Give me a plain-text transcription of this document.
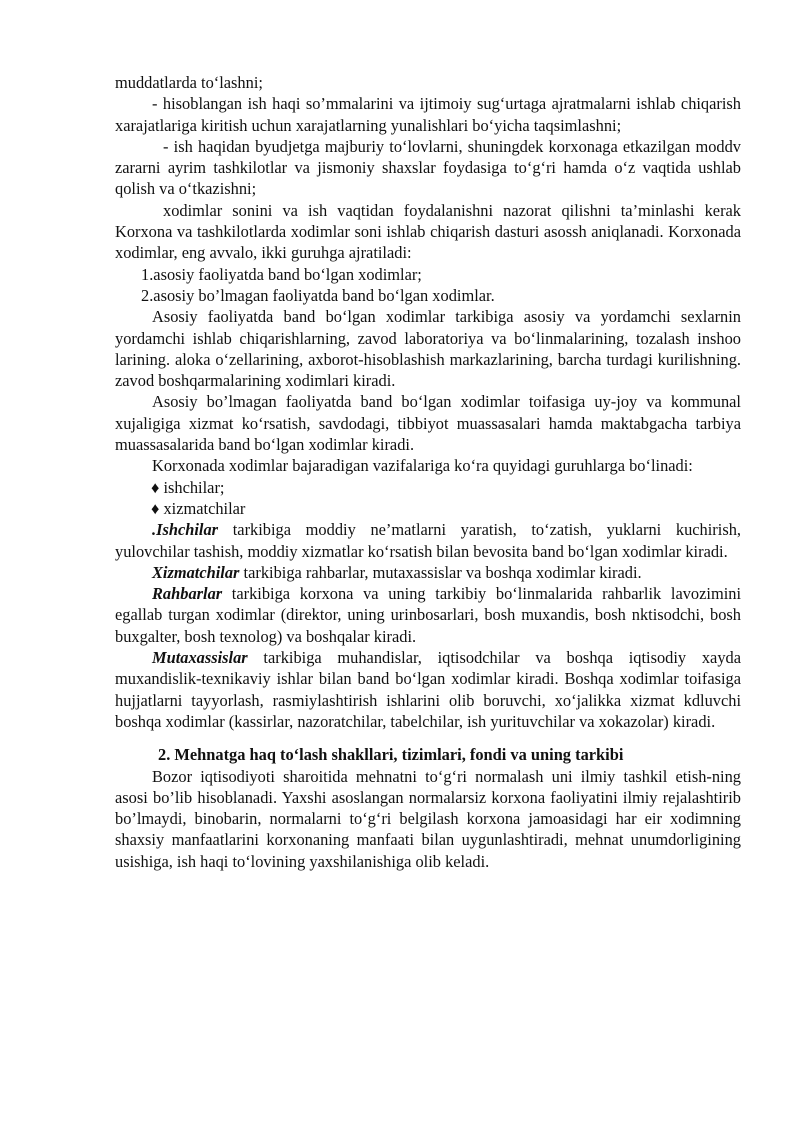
muddatlarda to‘lashni;

- hisoblangan ish haqi so’mmalarini va ijtimoiy sug‘urtaga ajratmalarni ishlab chiqarish xarajatlariga kiritish uchun xarajatlarning yunalishlari bo‘yicha taqsimlashni;

- ish haqidan byudjetga majburiy to‘lovlarni, shuningdek korxonaga etkazilgan moddv zararni ayrim tashkilotlar va jismoniy shaxslar foydasiga to‘g‘ri hamda o‘z vaqtida ushlab qolish va o‘tkazishni;

xodimlar sonini va ish vaqtidan foydalanishni nazorat qilishni ta’minlashi kerak Korxona va tashkilotlarda xodimlar soni ishlab chiqarish dasturi asossh aniqlanadi. Korxonada xodimlar, eng avvalo, ikki guruhga ajratiladi:

1.asosiy faoliyatda band bo‘lgan xodimlar;

2.asosiy bo’lmagan faoliyatda band bo‘lgan xodimlar.

Asosiy faoliyatda band bo‘lgan xodimlar tarkibiga asosiy va yordamchi sexlarnin yordamchi ishlab chiqarishlarning, zavod laboratoriya va bo‘linmalarining, tozalash inshoo larining. aloka o‘zellarining, axborot-hisoblashish markazlarining, barcha turdagi kurilishning. zavod boshqarmalarining xodimlari kiradi.

Asosiy bo’lmagan faoliyatda band bo‘lgan xodimlar toifasiga uy-joy va kommunal xujaligiga xizmat ko‘rsatish, savdodagi, tibbiyot muassasalari hamda maktabgacha tarbiya muassasalarida band bo‘lgan xodimlar kiradi.

Korxonada xodimlar bajaradigan vazifalariga ko‘ra quyidagi guruhlarga bo‘linadi:

♦ ishchilar;

♦ xizmatchilar

.Ishchilar tarkibiga moddiy ne’matlarni yaratish, to‘zatish, yuklarni kuchirish, yulovchilar tashish, moddiy xizmatlar ko‘rsatish bilan bevosita band bo‘lgan xodimlar kiradi.

Xizmatchilar tarkibiga rahbarlar, mutaxassislar va boshqa xodimlar kiradi.

Rahbarlar tarkibiga korxona va uning tarkibiy bo‘linmalarida rahbarlik lavozimini egallab turgan xodimlar (direktor, uning urinbosarlari, bosh muxandis, bosh nktisodchi, bosh buxgalter, bosh texnolog) va boshqalar kiradi.

Mutaxassislar tarkibiga muhandislar, iqtisodchilar va boshqa iqtisodiy xayda muxandislik-texnikaviy ishlar bilan band bo‘lgan xodimlar kiradi. Boshqa xodimlar toifasiga hujjatlarni tayyorlash, rasmiylashtirish ishlarini olib boruvchi, xo‘jalikka xizmat kdluvchi boshqa xodimlar (kassirlar, nazoratchilar, tabelchilar, ish yurituvchilar va xokazolar) kiradi.

2. Mehnatga haq to‘lash shakllari, tizimlari, fondi va uning tarkibi

Bozor iqtisodiyoti sharoitida mehnatni to‘g‘ri normalash uni ilmiy tashkil etish-ning asosi bo’lib hisoblanadi. Yaxshi asoslangan normalarsiz korxona faoliyatini ilmiy rejalashtirib bo’lmaydi, binobarin, normalarni to‘g‘ri belgilash korxona jamoasidagi har eir xodimning shaxsiy manfaatlarini korxonaning manfaati bilan uygunlashtiradi, mehnat unumdorligining usishiga, ish haqi to‘lovining yaxshilanishiga olib keladi.
